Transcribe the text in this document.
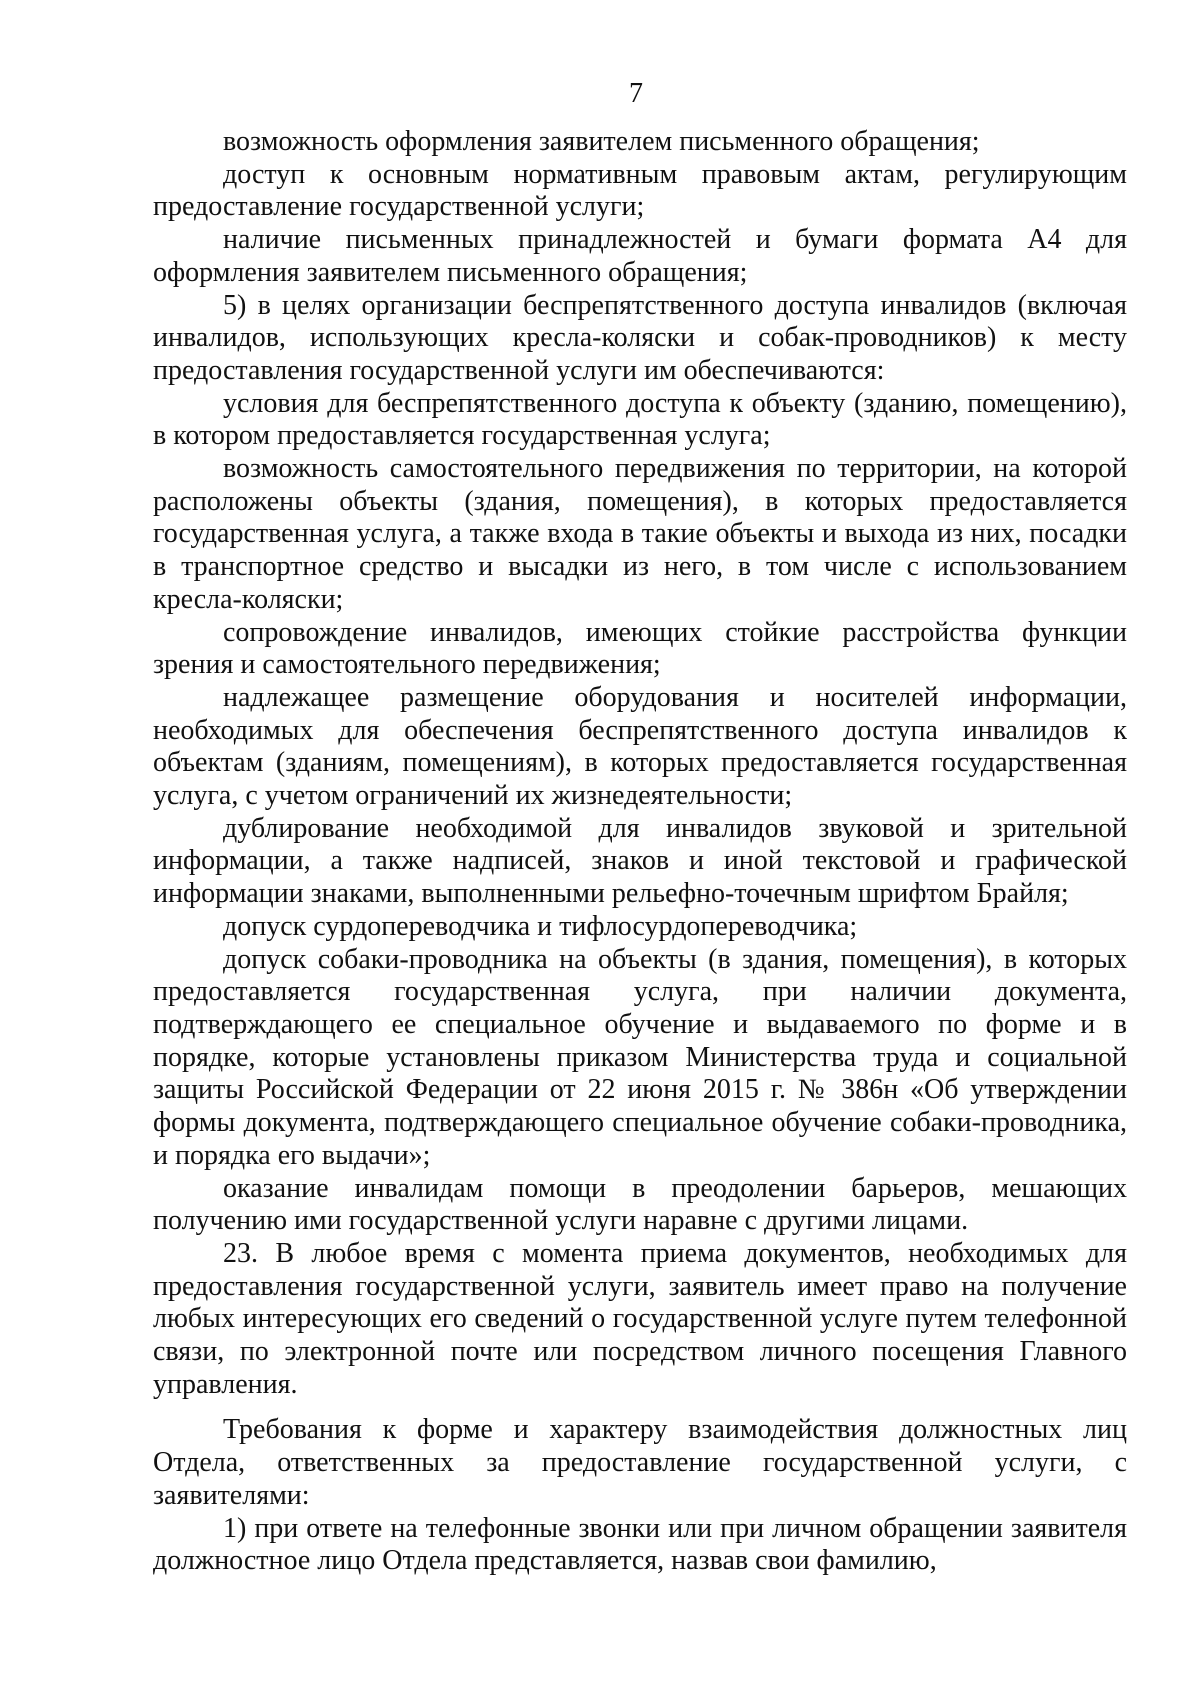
7

возможность оформления заявителем письменного обращения;

доступ к основным нормативным правовым актам, регулирующим предоставление государственной услуги;

наличие письменных принадлежностей и бумаги формата А4 для оформления заявителем письменного обращения;

5) в целях организации беспрепятственного доступа инвалидов (включая инвалидов, использующих кресла-коляски и собак-проводников) к месту предоставления государственной услуги им обеспечиваются:

условия для беспрепятственного доступа к объекту (зданию, помещению), в котором предоставляется государственная услуга;

возможность самостоятельного передвижения по территории, на которой расположены объекты (здания, помещения), в которых предоставляется государственная услуга, а также входа в такие объекты и выхода из них, посадки в транспортное средство и высадки из него, в том числе с использованием кресла-коляски;

сопровождение инвалидов, имеющих стойкие расстройства функции зрения и самостоятельного передвижения;

надлежащее размещение оборудования и носителей информации, необходимых для обеспечения беспрепятственного доступа инвалидов к объектам (зданиям, помещениям), в которых предоставляется государственная услуга, с учетом ограничений их жизнедеятельности;

дублирование необходимой для инвалидов звуковой и зрительной информации, а также надписей, знаков и иной текстовой и графической информации знаками, выполненными рельефно-точечным шрифтом Брайля;

допуск сурдопереводчика и тифлосурдопереводчика;

допуск собаки-проводника на объекты (в здания, помещения), в которых предоставляется государственная услуга, при наличии документа, подтверждающего ее специальное обучение и выдаваемого по форме и в порядке, которые установлены приказом Министерства труда и социальной защиты Российской Федерации от 22 июня 2015 г. № 386н «Об утверждении формы документа, подтверждающего специальное обучение собаки-проводника, и порядка его выдачи»;

оказание инвалидам помощи в преодолении барьеров, мешающих получению ими государственной услуги наравне с другими лицами.

23. В любое время с момента приема документов, необходимых для предоставления государственной услуги, заявитель имеет право на получение любых интересующих его сведений о государственной услуге путем телефонной связи, по электронной почте или посредством личного посещения Главного управления.

Требования к форме и характеру взаимодействия должностных лиц Отдела, ответственных за предоставление государственной услуги, с заявителями:

1) при ответе на телефонные звонки или при личном обращении заявителя должностное лицо Отдела представляется, назвав свои фамилию,
